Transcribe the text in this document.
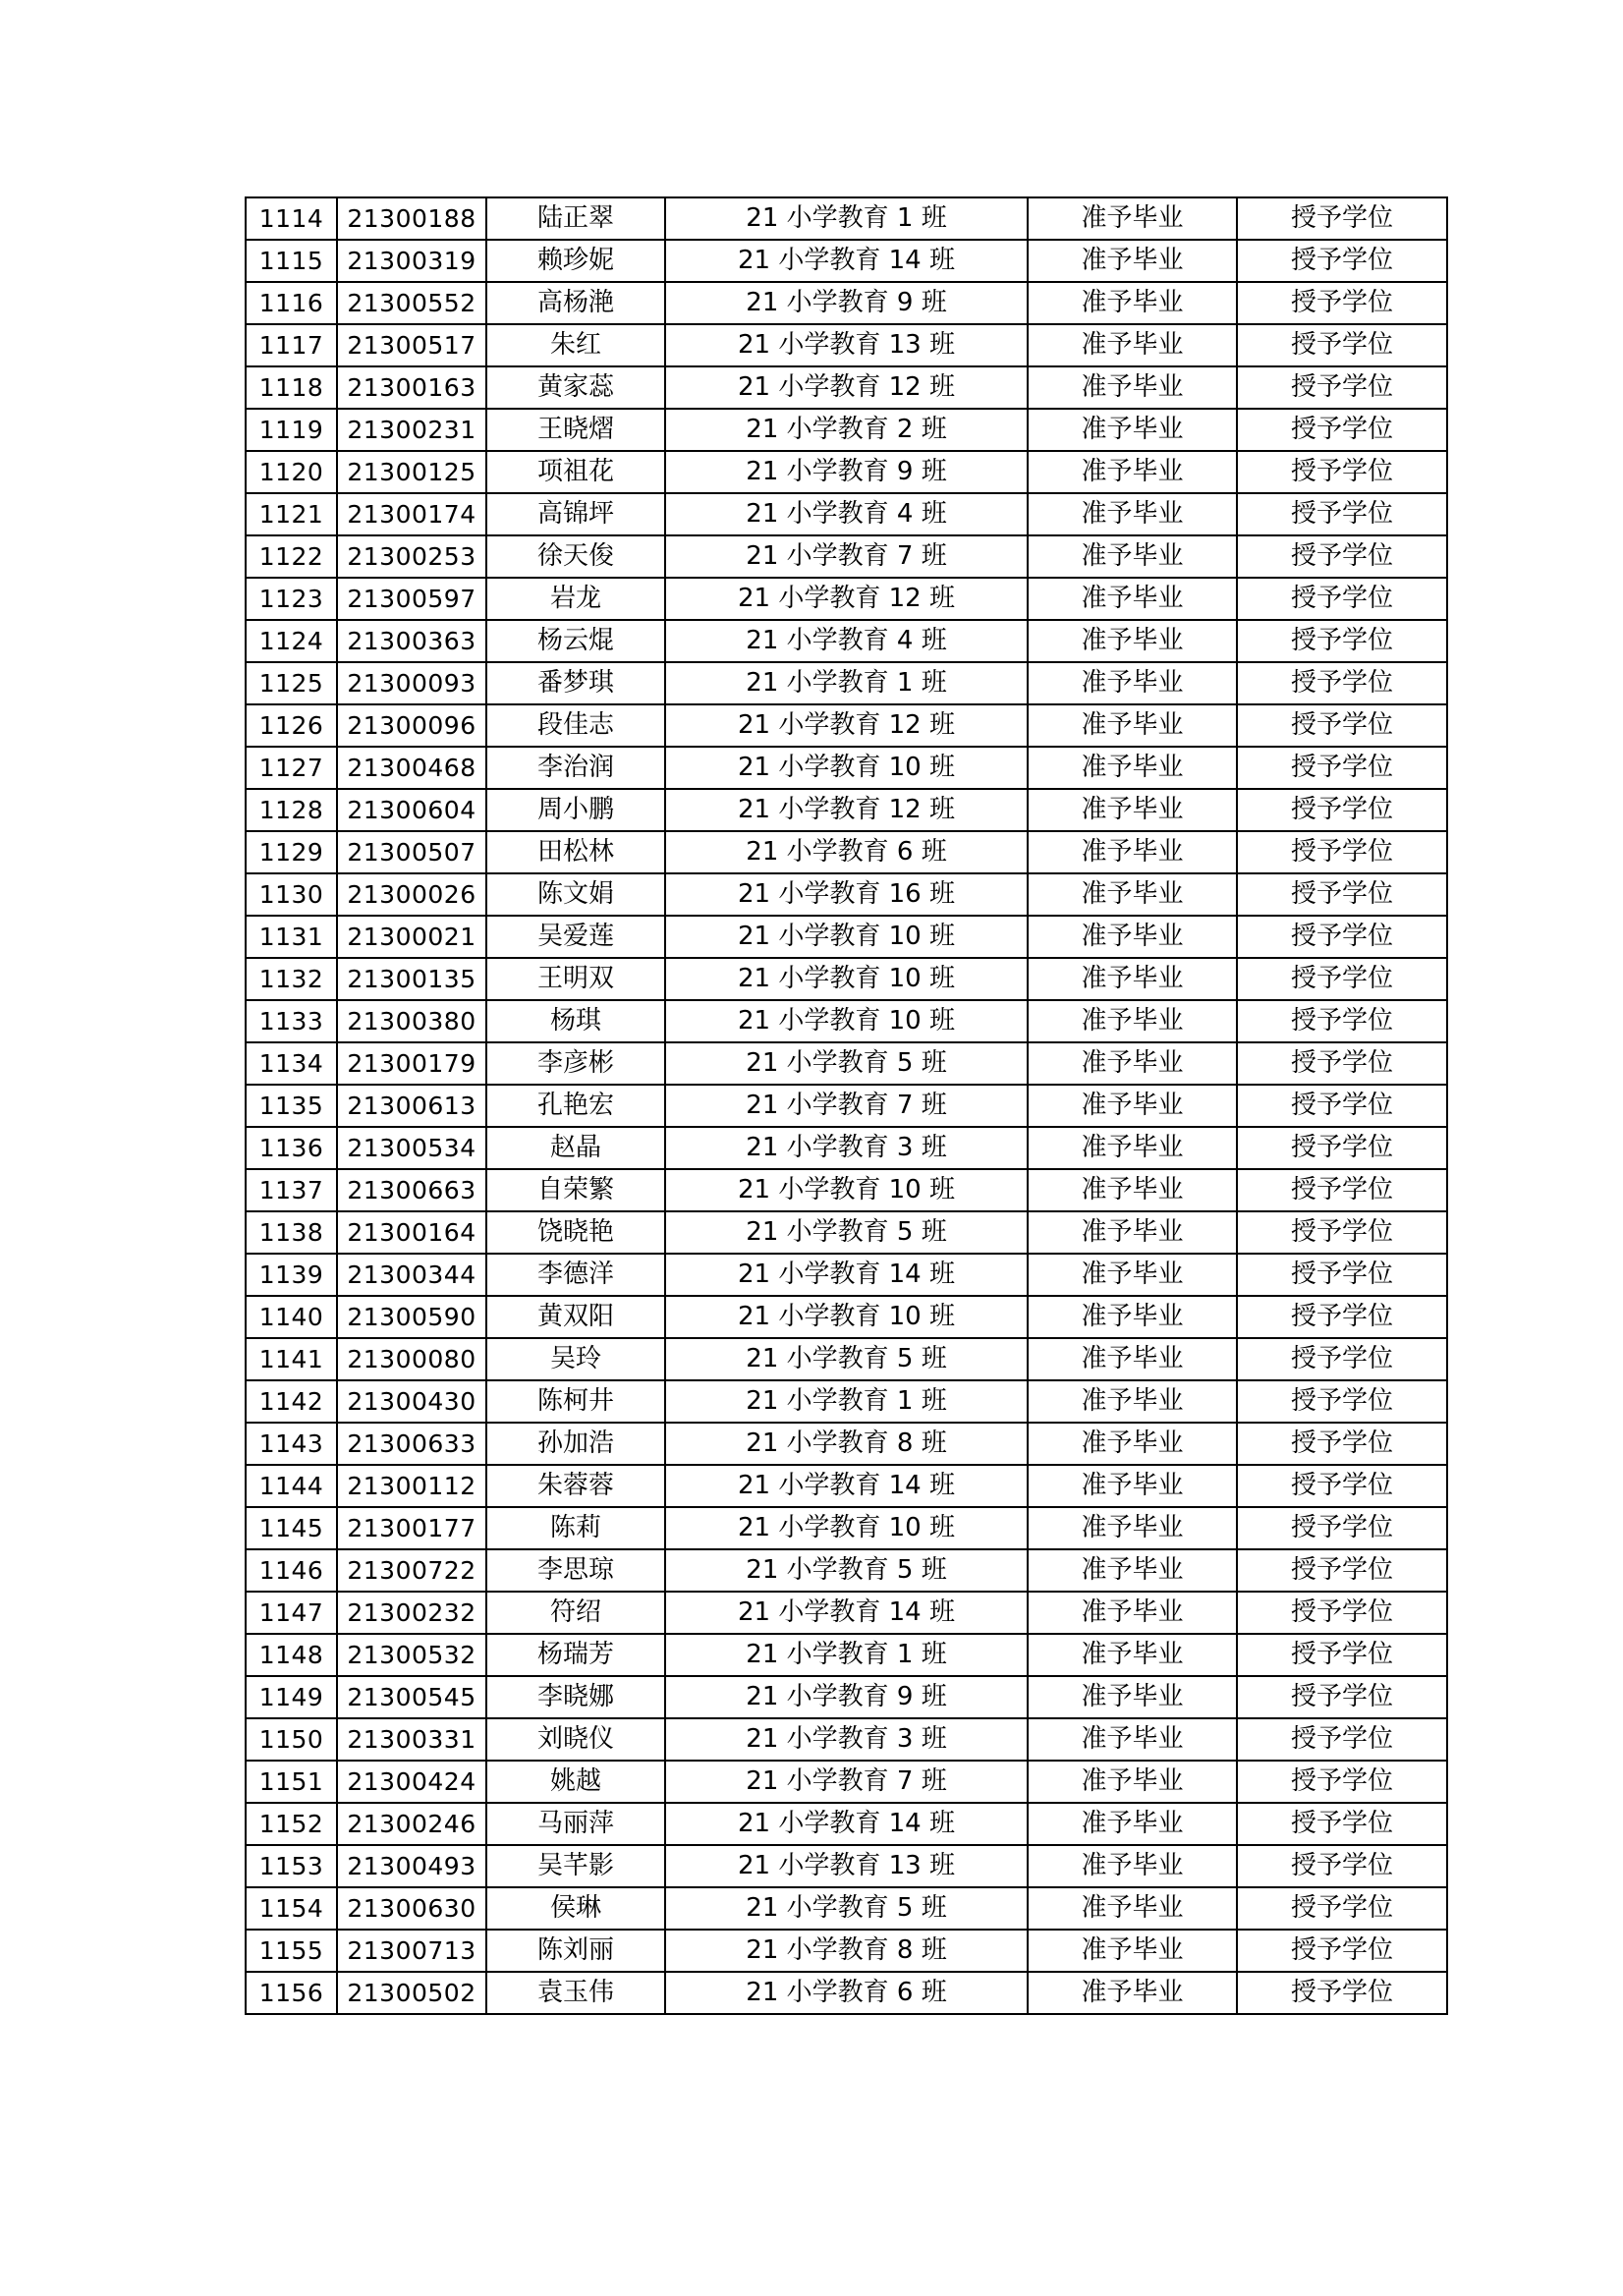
1114	21300188	陆正翠	21 小学教育 1 班	准予毕业	授予学位
1115	21300319	赖珍妮	21 小学教育 14 班	准予毕业	授予学位
1116	21300552	高杨滟	21 小学教育 9 班	准予毕业	授予学位
1117	21300517	朱红	21 小学教育 13 班	准予毕业	授予学位
1118	21300163	黄家蕊	21 小学教育 12 班	准予毕业	授予学位
1119	21300231	王晓熠	21 小学教育 2 班	准予毕业	授予学位
1120	21300125	项祖花	21 小学教育 9 班	准予毕业	授予学位
1121	21300174	高锦坪	21 小学教育 4 班	准予毕业	授予学位
1122	21300253	徐天俊	21 小学教育 7 班	准予毕业	授予学位
1123	21300597	岩龙	21 小学教育 12 班	准予毕业	授予学位
1124	21300363	杨云焜	21 小学教育 4 班	准予毕业	授予学位
1125	21300093	番梦琪	21 小学教育 1 班	准予毕业	授予学位
1126	21300096	段佳志	21 小学教育 12 班	准予毕业	授予学位
1127	21300468	李治润	21 小学教育 10 班	准予毕业	授予学位
1128	21300604	周小鹏	21 小学教育 12 班	准予毕业	授予学位
1129	21300507	田松林	21 小学教育 6 班	准予毕业	授予学位
1130	21300026	陈文娟	21 小学教育 16 班	准予毕业	授予学位
1131	21300021	吴爱莲	21 小学教育 10 班	准予毕业	授予学位
1132	21300135	王明双	21 小学教育 10 班	准予毕业	授予学位
1133	21300380	杨琪	21 小学教育 10 班	准予毕业	授予学位
1134	21300179	李彦彬	21 小学教育 5 班	准予毕业	授予学位
1135	21300613	孔艳宏	21 小学教育 7 班	准予毕业	授予学位
1136	21300534	赵晶	21 小学教育 3 班	准予毕业	授予学位
1137	21300663	自荣繁	21 小学教育 10 班	准予毕业	授予学位
1138	21300164	饶晓艳	21 小学教育 5 班	准予毕业	授予学位
1139	21300344	李德洋	21 小学教育 14 班	准予毕业	授予学位
1140	21300590	黄双阳	21 小学教育 10 班	准予毕业	授予学位
1141	21300080	吴玲	21 小学教育 5 班	准予毕业	授予学位
1142	21300430	陈柯井	21 小学教育 1 班	准予毕业	授予学位
1143	21300633	孙加浩	21 小学教育 8 班	准予毕业	授予学位
1144	21300112	朱蓉蓉	21 小学教育 14 班	准予毕业	授予学位
1145	21300177	陈莉	21 小学教育 10 班	准予毕业	授予学位
1146	21300722	李思琼	21 小学教育 5 班	准予毕业	授予学位
1147	21300232	符绍	21 小学教育 14 班	准予毕业	授予学位
1148	21300532	杨瑞芳	21 小学教育 1 班	准予毕业	授予学位
1149	21300545	李晓娜	21 小学教育 9 班	准予毕业	授予学位
1150	21300331	刘晓仪	21 小学教育 3 班	准予毕业	授予学位
1151	21300424	姚越	21 小学教育 7 班	准予毕业	授予学位
1152	21300246	马丽萍	21 小学教育 14 班	准予毕业	授予学位
1153	21300493	吴芊影	21 小学教育 13 班	准予毕业	授予学位
1154	21300630	侯琳	21 小学教育 5 班	准予毕业	授予学位
1155	21300713	陈刘丽	21 小学教育 8 班	准予毕业	授予学位
1156	21300502	袁玉伟	21 小学教育 6 班	准予毕业	授予学位
